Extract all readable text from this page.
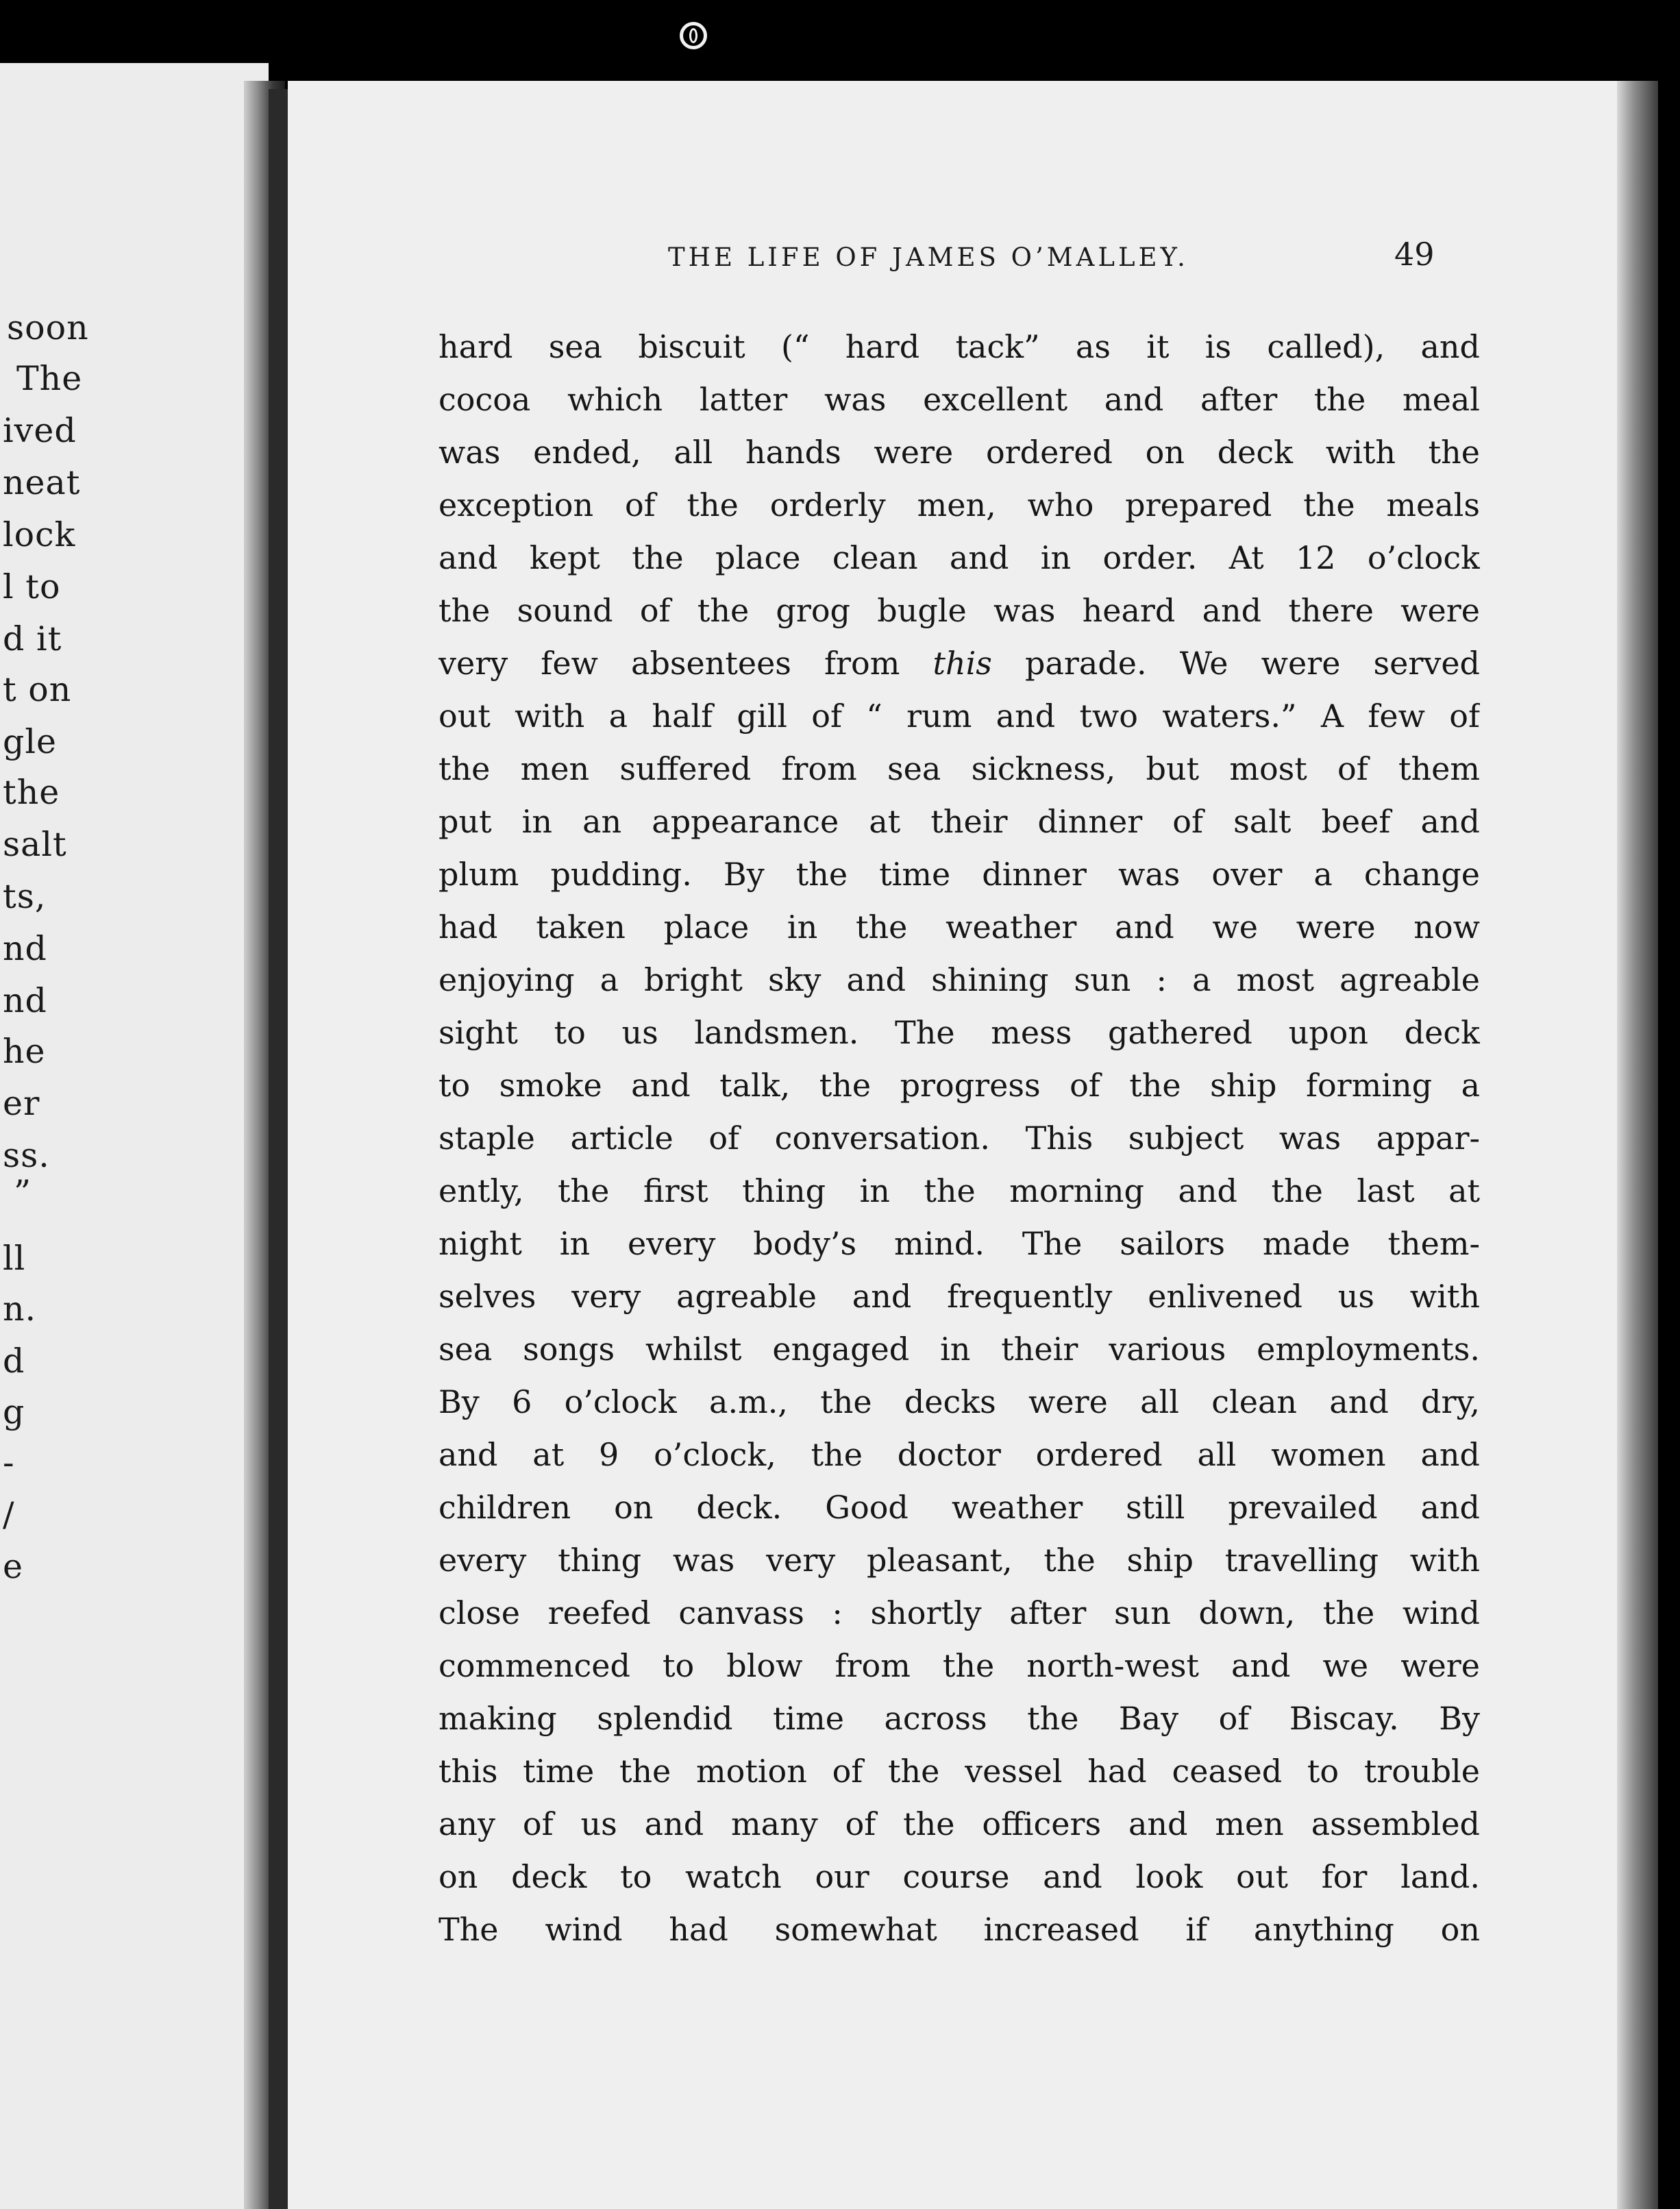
soon
The
ived
neat
lock
l to
d it
t on
gle
the
salt
ts,
nd
nd
he
er
ss.
”
ll
n.
d
g
-
/
e
THE LIFE OF JAMES O’MALLEY.	49
hard sea biscuit (“ hard tack” as it is called), and
cocoa which latter was excellent and after the meal
was ended, all hands were ordered on deck with the
exception of the orderly men, who prepared the meals
and kept the place clean and in order. At 12 o’clock
the sound of the grog bugle was heard and there were
very few absentees from this parade. We were served
out with a half gill of “ rum and two waters.” A few of
the men suffered from sea sickness, but most of them
put in an appearance at their dinner of salt beef and
plum pudding. By the time dinner was over a change
had taken place in the weather and we were now
enjoying a bright sky and shining sun : a most agreable
sight to us landsmen. The mess gathered upon deck
to smoke and talk, the progress of the ship forming a
staple article of conversation. This subject was appar-
ently, the first thing in the morning and the last at
night in every body’s mind. The sailors made them-
selves very agreable and frequently enlivened us with
sea songs whilst engaged in their various employments.
By 6 o’clock a.m., the decks were all clean and dry,
and at 9 o’clock, the doctor ordered all women and
children on deck. Good weather still prevailed and
every thing was very pleasant, the ship travelling with
close reefed canvass : shortly after sun down, the wind
commenced to blow from the north-west and we were
making splendid time across the Bay of Biscay. By
this time the motion of the vessel had ceased to trouble
any of us and many of the officers and men assembled
on deck to watch our course and look out for land.
The wind had somewhat increased if anything on
